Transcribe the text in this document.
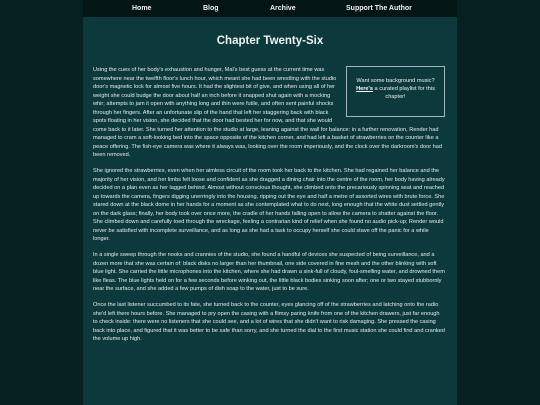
Home	Blog	Archive	Support The Author
Chapter Twenty-Six
Want some background music?
Here's a curated playlist for this chapter!

Using the cues of her body's exhaustion and hunger, Mal's best guess at the current time was somewhere near the twelfth floor's lunch hour, which meant she had been wrestling with the studio door's magnetic lock for almost five hours. It had the slightest bit of give, and when using all of her weight she could budge the door about half an inch before it snapped shut again with a mocking whir; attempts to jam it open with anything long and thin were futile, and often sent painful shocks through her fingers. After an unfortunate slip of the hand that left her staggering back with black spots floating in her vision, she decided that the door had bested her for now, and that she would come back to it later. She turned her attention to the studio at large, leaning against the wall for balance: in a further renovation, Render had managed to cram a soft-looking bed into the space opposite of the kitchen corner, and had left a basket of strawberries on the counter like a peace offering. The fish-eye camera was where it always was, looking over the room imperiously, and the clock over the darkroom's door had been removed.

She ignored the strawberries, even when her aimless circuit of the room took her back to the kitchen. She had regained her balance and the majority of her vision, and her limbs felt loose and confident as she dragged a dining chair into the centre of the room, her body having already decided on a plan even as her lagged behind. Almost without conscious thought, she climbed onto the precariously spinning seat and reached up towards the camera, fingers digging unerringly into the housing, ripping out the eye and half a metre of assorted wires with brute force. She stared down at the black dome in her hands for a moment as she contemplated what to do next, long enough that the white dust settled gently on the dark glass; finally, her body took over once more, the cradle of her hands falling open to allow the camera to shatter against the floor. She climbed down and carefully toed through the wreckage, feeling a contrarian kind of relief when she found no audio pick-up; Render would never be satisfied with incomplete surveillance, and as long as she had a task to occupy herself she could stave off the panic for a while longer.

In a single sweep through the nooks and crannies of the studio, she found a handful of devices she suspected of being surveillance, and a dozen more that she was certain of: black disks no larger than her thumbnail, one side covered in fine mesh and the other blinking with soft blue light. She carried the little microphones into the kitchen, where she had drawn a sink-full of cloudy, foul-smelling water, and drowned them like fleas. The blue lights held on for a few seconds before winking out, the little black bodies sinking soon after; one or two stayed stubbornly near the surface, and she added a few pumps of dish soap to the water, just to be sure.

Once the last listener succumbed to its fate, she turned back to the counter, eyes glancing off of the strawberries and latching onto the radio she'd left there hours before. She managed to pry open the casing with a flimsy paring knife from one of the kitchen drawers, just far enough to check inside: there were no listeners that she could see, and a lot of wires that she didn't want to risk damaging. She pressed the casing back into place, and figured that it was better to be safe than sorry, and she turned the dial to the first music station she could find and cranked the volume up high.
